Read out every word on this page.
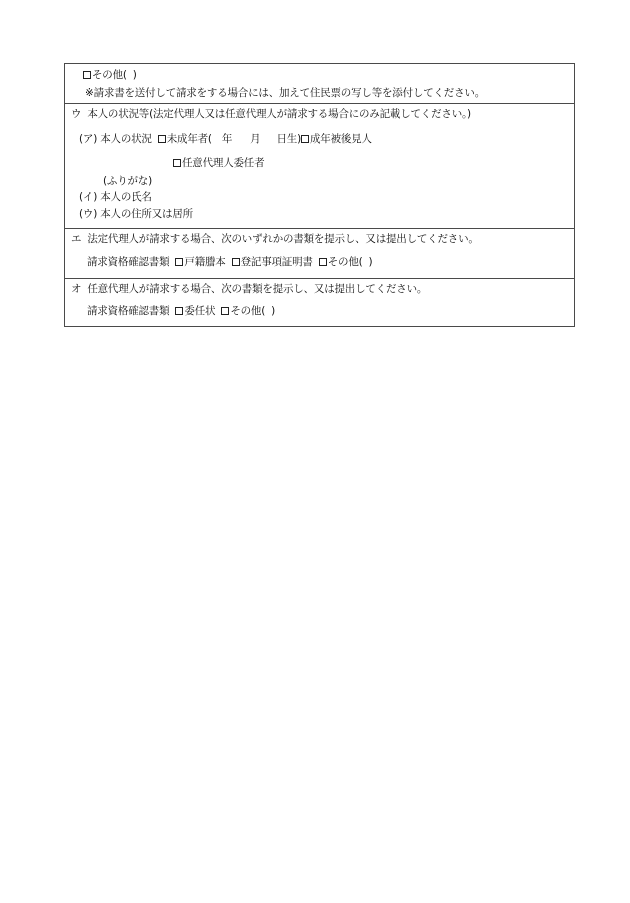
その他( )
※請求書を送付して請求をする場合には、加えて住民票の写し等を添付してください。
ウ 本人の状況等(法定代理人又は任意代理人が請求する場合にのみ記載してください。)
(ア) 本人の状況 未成年者( 年 月 日生) 成年被後見人
任意代理人委任者
(ふりがな)
(イ) 本人の氏名
(ウ) 本人の住所又は居所
エ 法定代理人が請求する場合、次のいずれかの書類を提示し、又は提出してください。
請求資格確認書類 戸籍謄本 登記事項証明書 その他( )
オ 任意代理人が請求する場合、次の書類を提示し、又は提出してください。
請求資格確認書類 委任状 その他( )
